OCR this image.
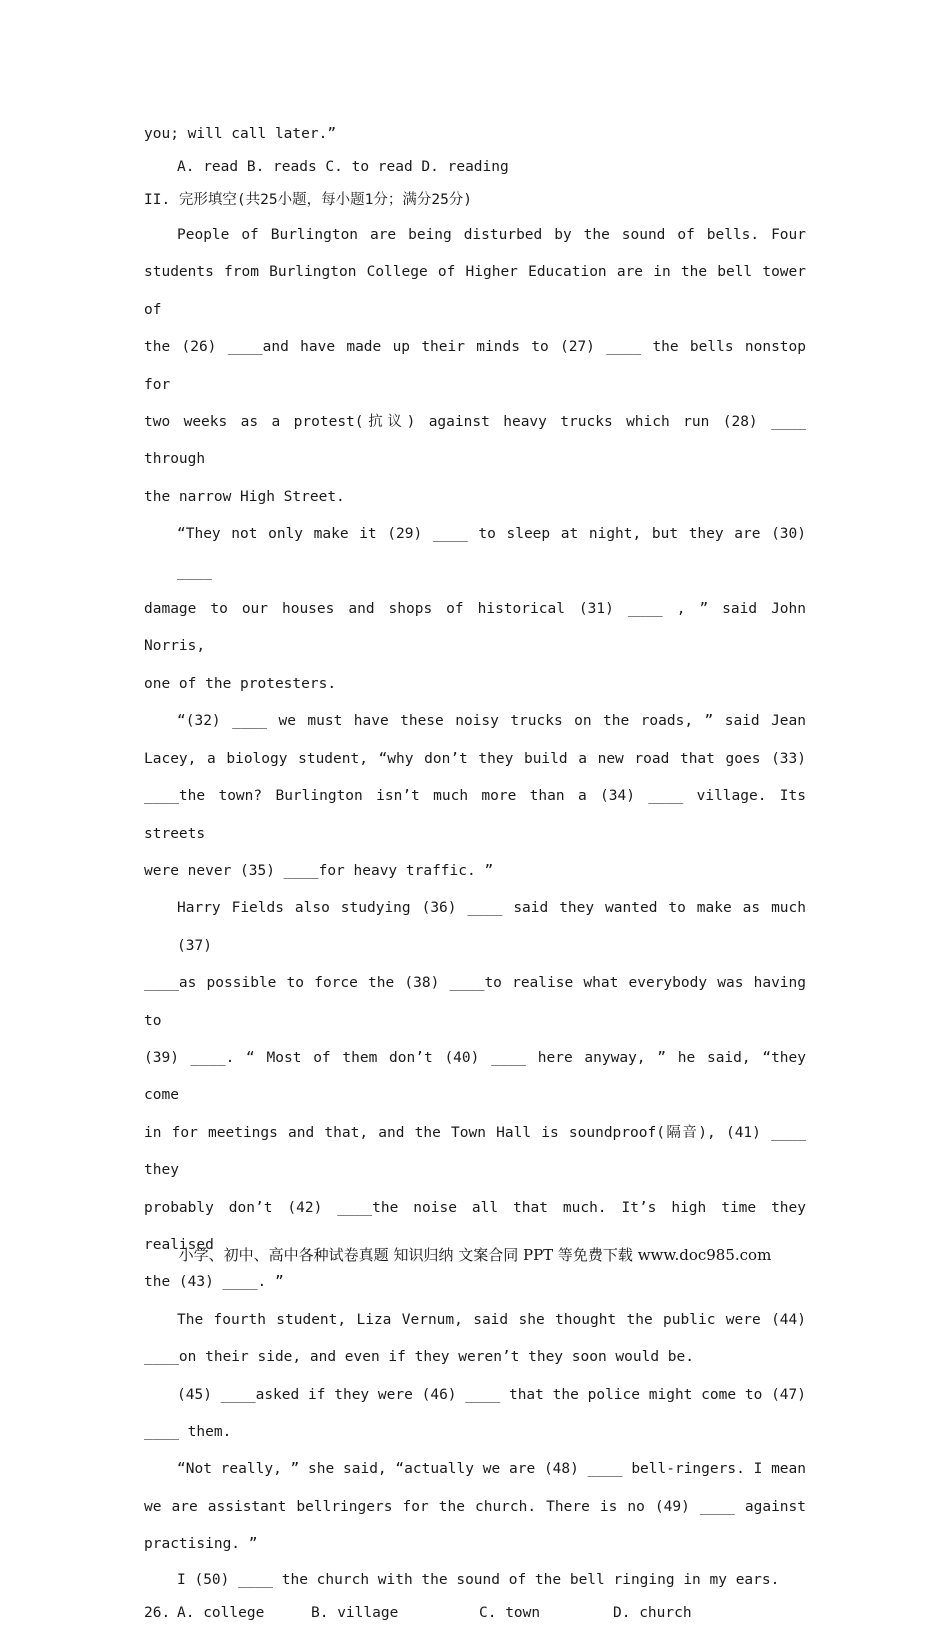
you; will call later.”
A. read B. reads C. to read D. reading
II. 完形填空(共25小题，每小题1分；满分25分)
People of Burlington are being disturbed by the sound of bells. Four
students from Burlington College of Higher Education are in the bell tower of
the (26) ____and have made up their minds to (27) ____ the bells nonstop for
two weeks as a protest(抗议) against heavy trucks which run (28) ____ through
the narrow High Street.
“They not only make it (29) ____ to sleep at night, but they are (30) ____
damage to our houses and shops of historical (31) ____ , ” said John Norris,
one of the protesters.
“(32) ____ we must have these noisy trucks on the roads, ” said Jean
Lacey, a biology student, “why don’t they build a new road that goes (33)
____the town? Burlington isn’t much more than a (34) ____ village. Its streets
were never (35) ____for heavy traffic. ”
Harry Fields also studying (36) ____ said they wanted to make as much (37)
____as possible to force the (38) ____to realise what everybody was having to
(39) ____. “ Most of them don’t (40) ____ here anyway, ” he said, “they come
in for meetings and that, and the Town Hall is soundproof(隔音), (41) ____ they
probably don’t (42) ____the noise all that much. It’s high time they realised
the (43) ____. ”
The fourth student, Liza Vernum, said she thought the public were (44)
____on their side, and even if they weren’t they soon would be.
(45) ____asked if they were (46) ____ that the police might come to (47)
____ them.
“Not really, ” she said, “actually we are (48) ____ bell-ringers. I mean
we are assistant bellringers for the church. There is no (49) ____ against
practising. ”
I (50) ____ the church with the sound of the bell ringing in my ears.
26. A. college	B. village	C. town	D. church
小学、初中、高中各种试卷真题 知识归纳 文案合同 PPT 等免费下载 www.doc985.com
